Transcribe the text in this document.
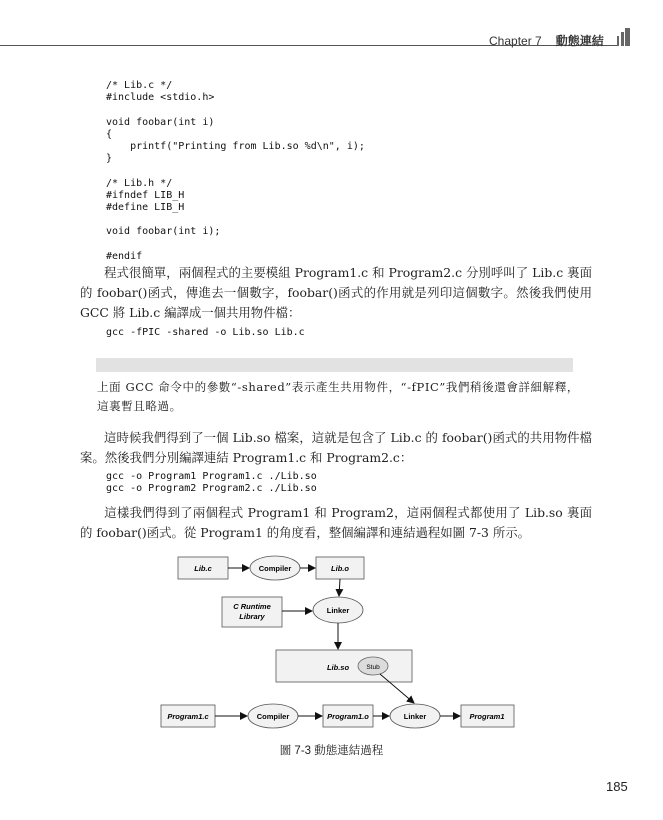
Chapter 7 動態連結
/* Lib.c */
#include <stdio.h>

void foobar(int i)
{
printf("Printing from Lib.so %d\n", i);
}

/* Lib.h */
#ifndef LIB_H
#define LIB_H

void foobar(int i);

#endif

程式很簡單，兩個程式的主要模組 Program1.c 和 Program2.c 分別呼叫了 Lib.c 裏面的 foobar()函式，傳進去一個數字，foobar()函式的作用就是列印這個數字。然後我們使用 GCC 將 Lib.c 編譯成一個共用物件檔：

gcc -fPIC -shared -o Lib.so Lib.c

上面 GCC 命令中的參數“-shared”表示產生共用物件，“-fPIC”我們稍後還會詳細解釋，這裏暫且略過。

這時候我們得到了一個 Lib.so 檔案，這就是包含了 Lib.c 的 foobar()函式的共用物件檔案。然後我們分別編譯連結 Program1.c 和 Program2.c：

gcc -o Program1 Program1.c ./Lib.so
gcc -o Program2 Program2.c ./Lib.so

這樣我們得到了兩個程式 Program1 和 Program2，這兩個程式都使用了 Lib.so 裏面的 foobar()函式。從 Program1 的角度看，整個編譯和連結過程如圖 7-3 所示。

Lib.c	Compiler	Lib.o
C Runtime
Library
Linker
Lib.so	Stub
Program1.c	Compiler	Program1.o	Linker	Program1
圖 7-3 動態連結過程
185
